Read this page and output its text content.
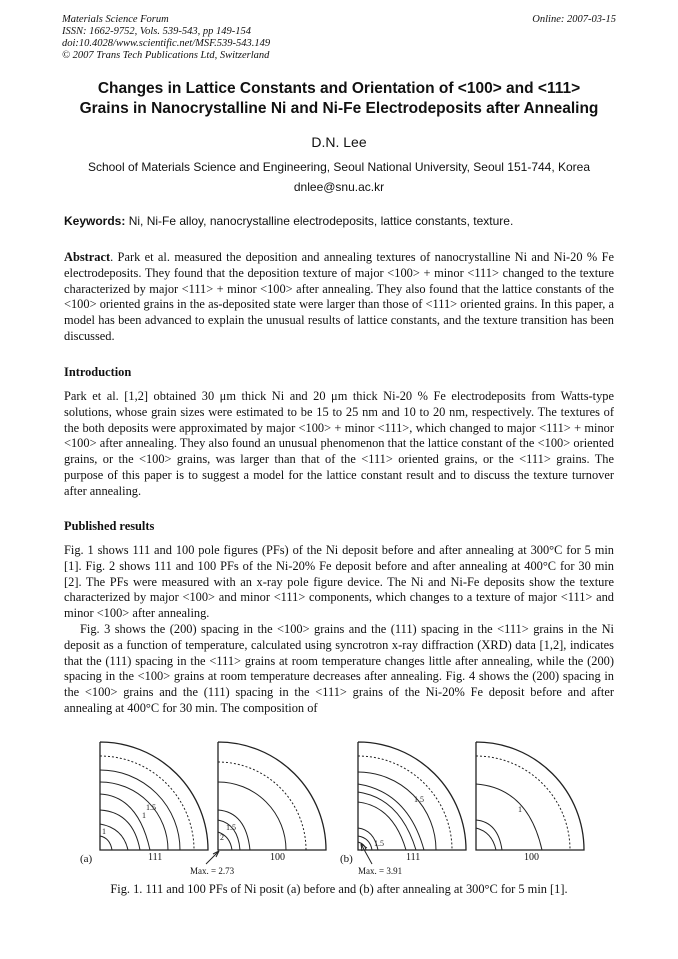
Materials Science Forum
ISSN: 1662-9752, Vols. 539-543, pp 149-154
doi:10.4028/www.scientific.net/MSF.539-543.149
© 2007 Trans Tech Publications Ltd, Switzerland
Online: 2007-03-15
Changes in Lattice Constants and Orientation of <100> and <111>
Grains in Nanocrystalline Ni and Ni-Fe Electrodeposits after Annealing
D.N. Lee
School of Materials Science and Engineering, Seoul National University, Seoul 151-744, Korea
dnlee@snu.ac.kr
Keywords: Ni, Ni-Fe alloy, nanocrystalline electrodeposits, lattice constants, texture.
Abstract. Park et al. measured the deposition and annealing textures of nanocrystalline Ni and Ni-20 % Fe electrodeposits. They found that the deposition texture of major <100> + minor <111> changed to the texture characterized by major <111> + minor <100> after annealing. They also found that the lattice constants of the <100> oriented grains in the as-deposited state were larger than those of <111> oriented grains. In this paper, a model has been advanced to explain the unusual results of lattice constants, and the texture transition has been discussed.
Introduction
Park et al. [1,2] obtained 30 μm thick Ni and 20 μm thick Ni-20 % Fe electrodeposits from Watts-type solutions, whose grain sizes were estimated to be 15 to 25 nm and 10 to 20 nm, respectively. The textures of the both deposits were approximated by major <100> + minor <111>, which changed to major <111> + minor <100> after annealing. They also found an unusual phenomenon that the lattice constant of the <100> oriented grains, or the <100> grains, was larger than that of the <111> oriented grains, or the <111> grains. The purpose of this paper is to suggest a model for the lattice constant result and to discuss the texture turnover after annealing.
Published results
Fig. 1 shows 111 and 100 pole figures (PFs) of the Ni deposit before and after annealing at 300°C for 5 min [1]. Fig. 2 shows 111 and 100 PFs of the Ni-20% Fe deposit before and after annealing at 400°C for 30 min [2]. The PFs were measured with an x-ray pole figure device. The Ni and Ni-Fe deposits show the texture characterized by major <100> and minor <111> components, which changes to a texture of major <111> and minor <100> after annealing.
Fig. 3 shows the (200) spacing in the <100> grains and the (111) spacing in the <111> grains in the Ni deposit as a function of temperature, calculated using syncrotron x-ray diffraction (XRD) data [1,2], indicates that the (111) spacing in the <111> grains at room temperature changes little after annealing, while the (200) spacing in the <100> grains at room temperature decreases after annealing. Fig. 4 shows the (200) spacing in the <100> grains and the (111) spacing in the <111> grains of the Ni-20% Fe deposit before and after annealing at 400°C for 30 min. The composition of
1.5
1
1	1.5
2
1.5
1.5
1
(a)	111	100
Max. = 2.73
(b)	111	100
Max. = 3.91
Fig. 1. 111 and 100 PFs of Ni posit (a) before and (b) after annealing at 300°C for 5 min [1].
